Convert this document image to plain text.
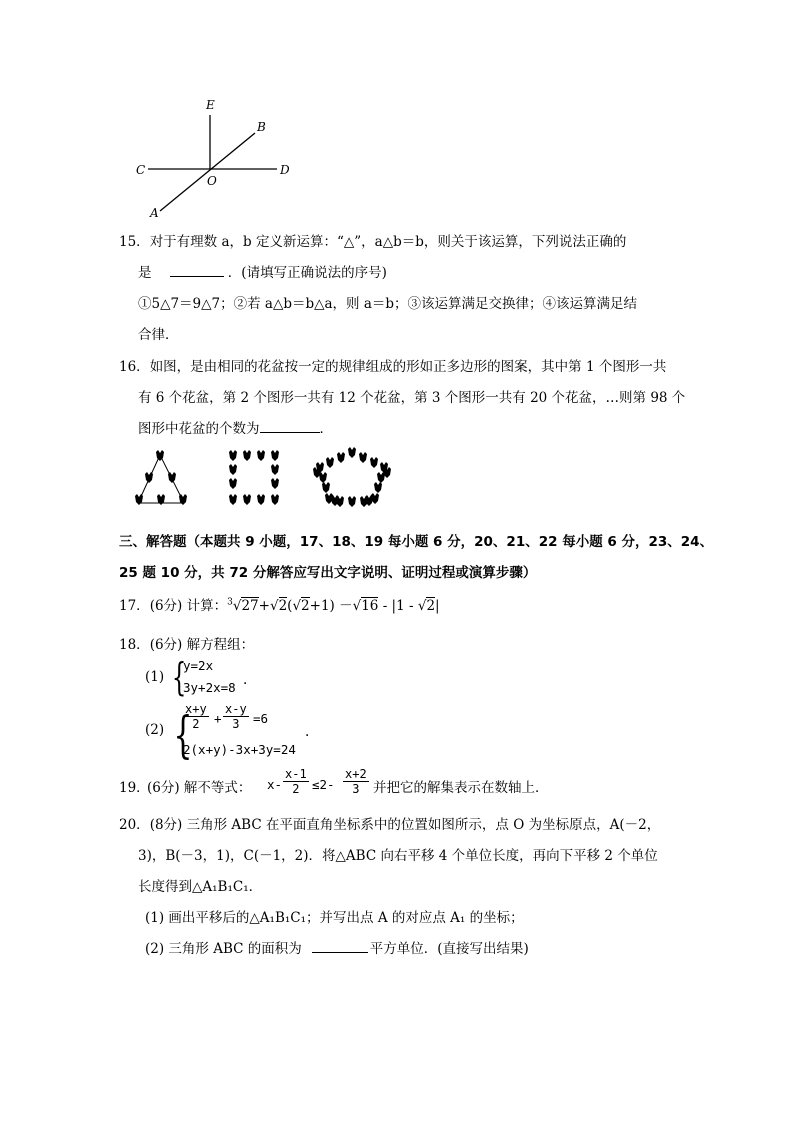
E
B
C	D
O
A
15．对于有理数 a，b 定义新运算：“△”，a△b＝b，则关于该运算，下列说法正确的
是	．(请填写正确说法的序号)
①5△7＝9△7；②若 a△b＝b△a，则 a＝b；③该运算满足交换律；④该运算满足结
合律．
16．如图，是由相同的花盆按一定的规律组成的形如正多边形的图案，其中第 1 个图形一共
有 6 个花盆，第 2 个图形一共有 12 个花盆，第 3 个图形一共有 20 个花盆，…则第 98 个
图形中花盆的个数为	．
三、解答题（本题共 9 小题，17、18、19 每小题 6 分，20、21、22 每小题 6 分，23、24、
25 题 10 分，共 72 分解答应写出文字说明、证明过程或演算步骤）
17．(6分) 计算：$^3$√27+√2(√2+1) －√16 - |1 - √2|
18．(6分) 解方程组：
(1) {
y=2x
3y+2x=8 .
(2) {
$\frac{x+y}{2} + \frac{x-y}{3} =6$
2(x+y)-3x+3y=24
.
19．
(6分) 解不等式： $x- \frac{x-1}{2} \le 2- \frac{x+2}{3}$ 并把它的解集表示在数轴上．
20．(8分) 三角形 ABC 在平面直角坐标系中的位置如图所示，点 O 为坐标原点，A(－2，
3)，B(－3，1)，C(－1，2)．将△ABC 向右平移 4 个单位长度，再向下平移 2 个单位
长度得到△A₁B₁C₁．
(1) 画出平移后的△A₁B₁C₁；并写出点 A 的对应点 A₁ 的坐标；
(2) 三角形 ABC 的面积为	平方单位．(直接写出结果)
